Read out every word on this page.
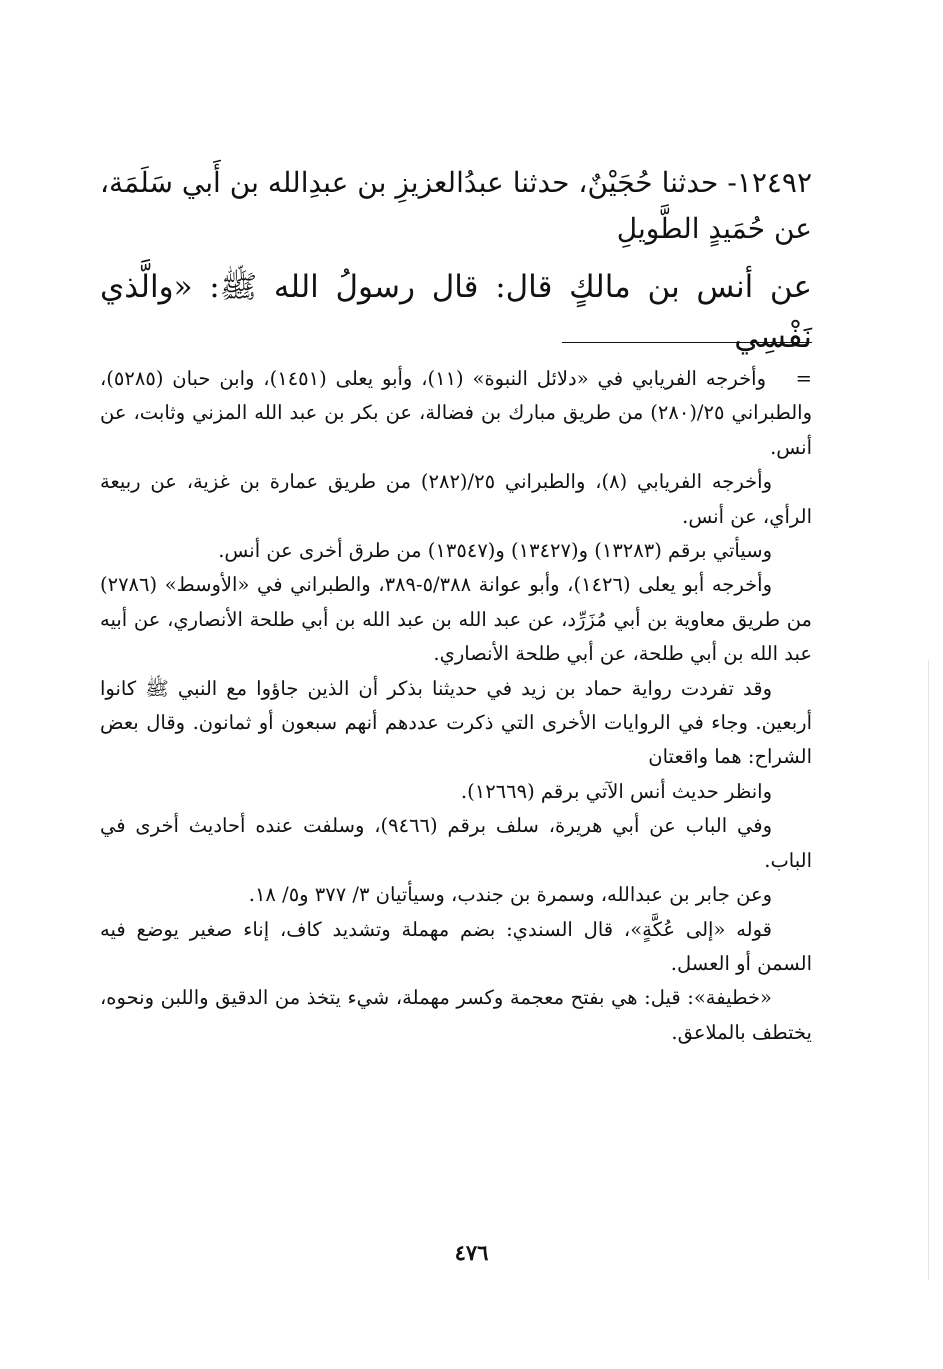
١٢٤٩٢- حدثنا حُجَيْنٌ، حدثنا عبدُالعزيزِ بن عبدِالله بن أَبي سَلَمَة، عن حُمَيدٍ الطَّويلِ

عن أنس بن مالكٍ قال: قال رسولُ الله ﷺ: «والَّذي نَفْسِي

=وأخرجه الفريابي في «دلائل النبوة» (١١)، وأبو يعلى (١٤٥١)، وابن حبان (٥٢٨٥)، والطبراني ٢٥/(٢٨٠) من طريق مبارك بن فضالة، عن بكر بن عبد الله المزني وثابت، عن أنس.

وأخرجه الفريابي (٨)، والطبراني ٢٥/(٢٨٢) من طريق عمارة بن غزية، عن ربيعة الرأي، عن أنس.

وسيأتي برقم (١٣٢٨٣) و(١٣٤٢٧) و(١٣٥٤٧) من طرق أخرى عن أنس.

وأخرجه أبو يعلى (١٤٢٦)، وأبو عوانة ٥/٣٨٨-٣٨٩، والطبراني في «الأوسط» (٢٧٨٦) من طريق معاوية بن أبي مُزَرِّد، عن عبد الله بن عبد الله بن أبي طلحة الأنصاري، عن أبيه عبد الله بن أبي طلحة، عن أبي طلحة الأنصاري.

وقد تفردت رواية حماد بن زيد في حديثنا بذكر أن الذين جاؤوا مع النبي ﷺ كانوا أربعين. وجاء في الروايات الأخرى التي ذكرت عددهم أنهم سبعون أو ثمانون. وقال بعض الشراح: هما واقعتان

وانظر حديث أنس الآتي برقم (١٢٦٦٩).

وفي الباب عن أبي هريرة، سلف برقم (٩٤٦٦)، وسلفت عنده أحاديث أخرى في الباب.

وعن جابر بن عبدالله، وسمرة بن جندب، وسيأتيان ٣/ ٣٧٧ و٥/ ١٨.

قوله «إلى عُكَّةٍ»، قال السندي: بضم مهملة وتشديد كاف، إناء صغير يوضع فيه السمن أو العسل.

«خطيفة»: قيل: هي بفتح معجمة وكسر مهملة، شيء يتخذ من الدقيق واللبن ونحوه، يختطف بالملاعق.

٤٧٦
